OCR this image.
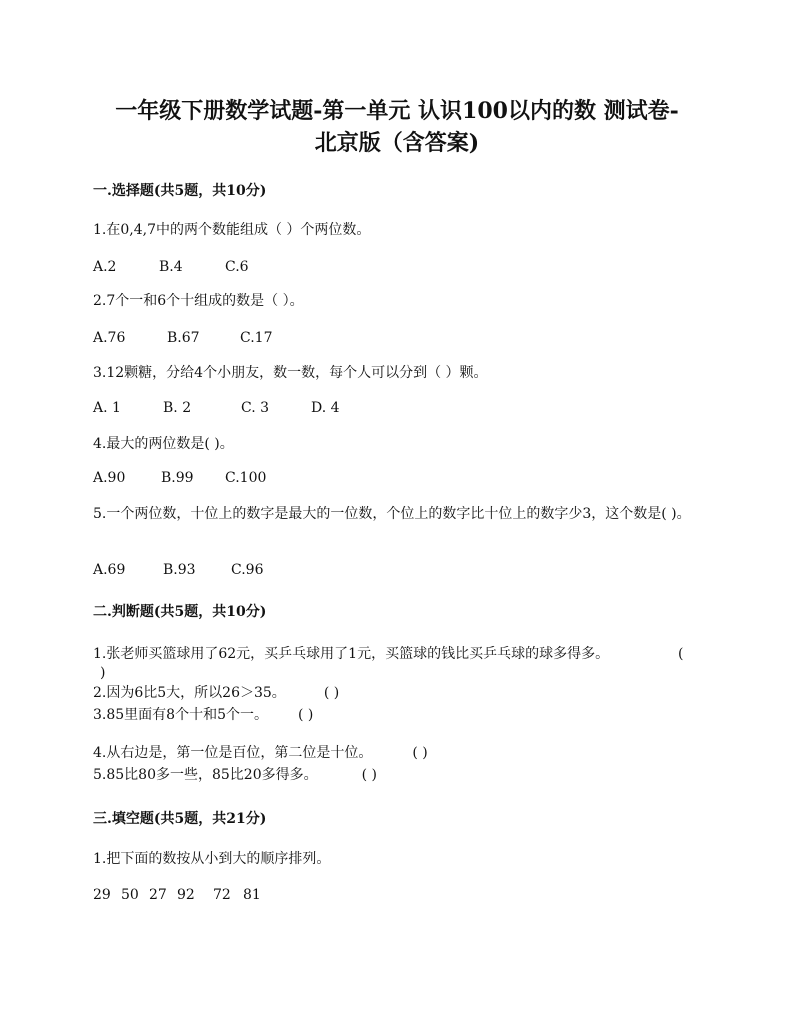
一年级下册数学试题-第一单元 认识100以内的数 测试卷-
北京版（含答案)
一.选择题(共5题，共10分)
1.在0,4,7中的两个数能组成（ ）个两位数。
A.2	B.4	C.6
2.7个一和6个十组成的数是（ ）。
A.76	B.67	C.17
3.12颗糖，分给4个小朋友，数一数，每个人可以分到（ ）颗。
A. 1	B. 2	C. 3	D. 4
4.最大的两位数是( )。
A.90	B.99 C.100
5.一个两位数，十位上的数字是最大的一位数，个位上的数字比十位上的数字少3，这个数是( )。
A.69	B.93	C.96
二.判断题(共5题，共10分)
1.张老师买篮球用了62元，买乒乓球用了1元，买篮球的钱比买乒乓球的球多得多。	(
)
2.因为6比5大，所以26＞35。	( )
3.85里面有8个十和5个一。 ( )
4.从右边是，第一位是百位，第二位是十位。	( )
5.85比80多一些，85比20多得多。	( )
三.填空题(共5题，共21分)
1.把下面的数按从小到大的顺序排列。
29 50 27 92 72 81
